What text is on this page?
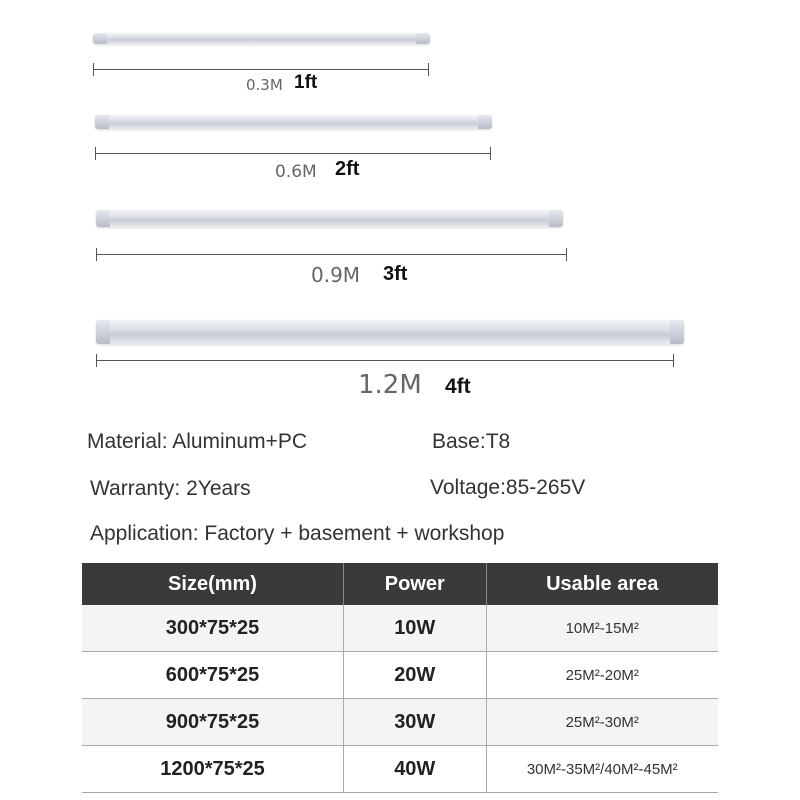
0.3M 1ft
0.6M 2ft
0.9M 3ft
1.2M 4ft
Material: Aluminum+PC	Base:T8
Warranty: 2Years	Voltage:85-265V
Application: Factory + basement + workshop
Size(mm)	Power	Usable area
300*75*25	10W	10M²-15M²
600*75*25	20W	25M²-20M²
900*75*25	30W	25M²-30M²
1200*75*25	40W	30M²-35M²/40M²-45M²
